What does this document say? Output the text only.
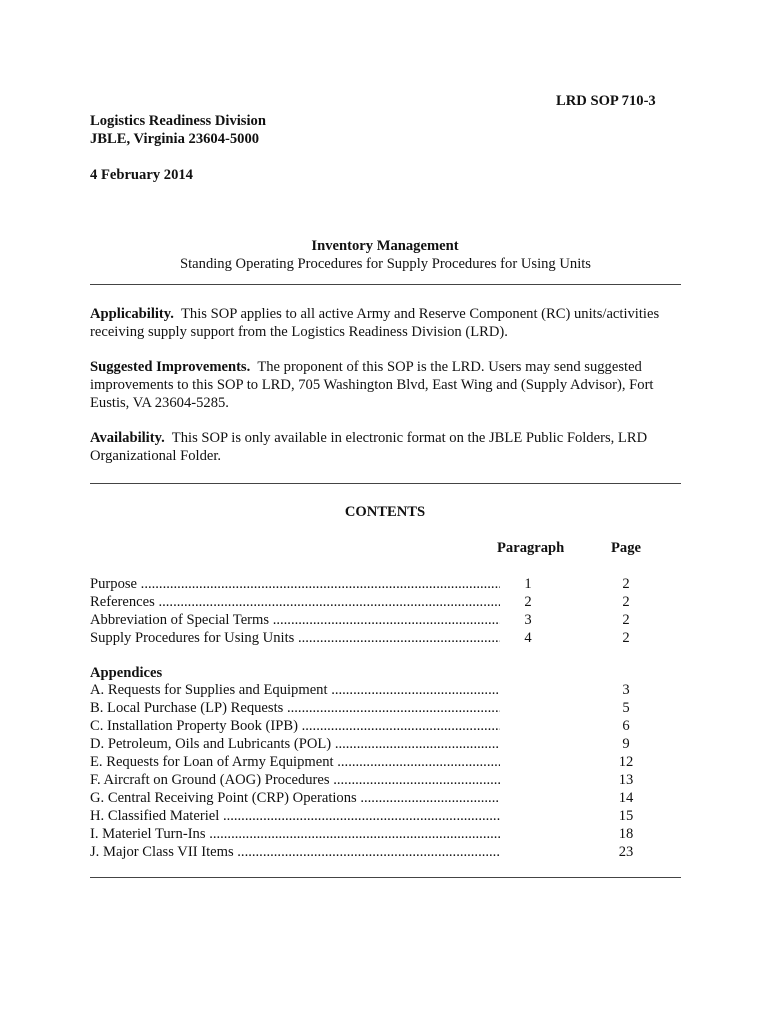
LRD SOP 710-3
Logistics Readiness Division
JBLE, Virginia 23604-5000
4 February 2014
Inventory Management
Standing Operating Procedures for Supply Procedures for Using Units
Applicability. This SOP applies to all active Army and Reserve Component (RC) units/activities receiving supply support from the Logistics Readiness Division (LRD).
Suggested Improvements. The proponent of this SOP is the LRD. Users may send suggested improvements to this SOP to LRD, 705 Washington Blvd, East Wing and (Supply Advisor), Fort Eustis, VA 23604-5285.
Availability. This SOP is only available in electronic format on the JBLE Public Folders, LRD Organizational Folder.
CONTENTS
Paragraph	Page
Purpose .....	1	2
References .....	2	2
Abbreviation of Special Terms .....	3	2
Supply Procedures for Using Units .....	4	2
Appendices
A. Requests for Supplies and Equipment .....	3
B. Local Purchase (LP) Requests .....	5
C. Installation Property Book (IPB) .....	6
D. Petroleum, Oils and Lubricants (POL) .....	9
E. Requests for Loan of Army Equipment .....	12
F. Aircraft on Ground (AOG) Procedures .....	13
G. Central Receiving Point (CRP) Operations .....	14
H. Classified Materiel .....	15
I. Materiel Turn-Ins .....	18
J. Major Class VII Items .....	23
